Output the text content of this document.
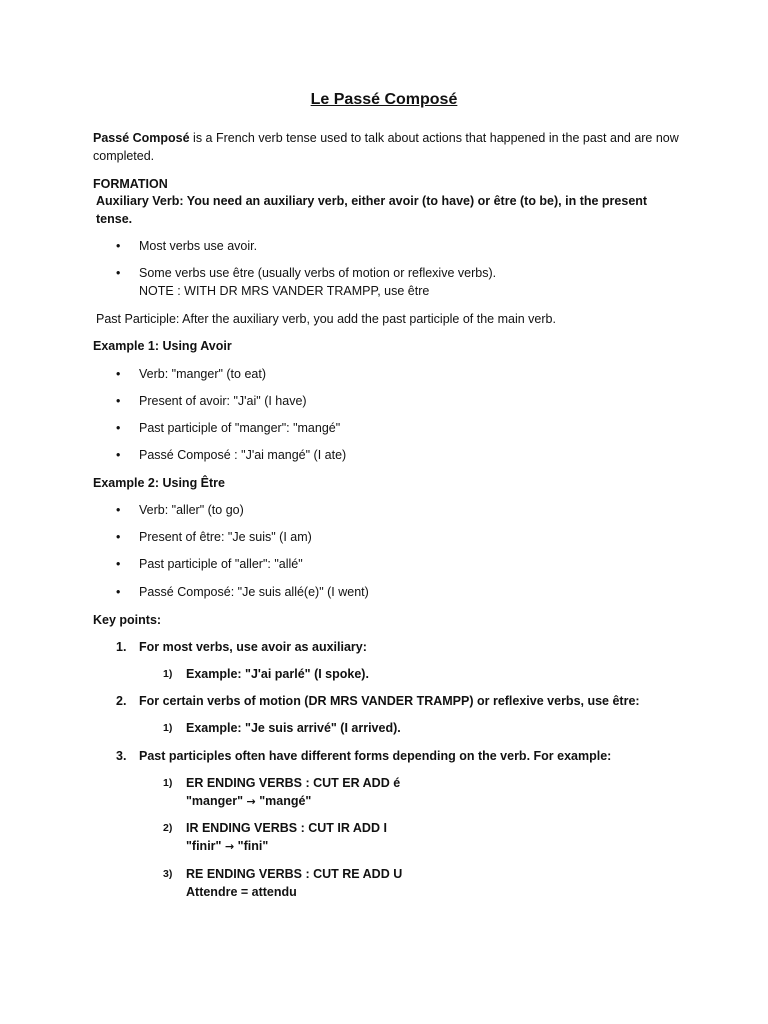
Le Passé Composé
Passé Composé is a French verb tense used to talk about actions that happened in the past and are now completed.
FORMATION
Auxiliary Verb: You need an auxiliary verb, either avoir (to have) or être (to be), in the present tense.
• Most verbs use avoir.
• Some verbs use être (usually verbs of motion or reflexive verbs).
NOTE : WITH DR MRS VANDER TRAMPP, use être
Past Participle: After the auxiliary verb, you add the past participle of the main verb.
Example 1: Using Avoir
• Verb: "manger" (to eat)
• Present of avoir: "J'ai" (I have)
• Past participle of "manger": "mangé"
• Passé Composé : "J'ai mangé" (I ate)
Example 2: Using Être
• Verb: "aller" (to go)
• Present of être: "Je suis" (I am)
• Past participle of "aller": "allé"
• Passé Composé: "Je suis allé(e)" (I went)
Key points:
1. For most verbs, use avoir as auxiliary:
1) Example: "J'ai parlé" (I spoke).
2. For certain verbs of motion (DR MRS VANDER TRAMPP) or reflexive verbs, use être:
1) Example: "Je suis arrivé" (I arrived).
3. Past participles often have different forms depending on the verb. For example:
1) ER ENDING VERBS : CUT ER ADD é
"manger" → "mangé"
2) IR ENDING VERBS : CUT IR ADD I
"finir" → "fini"
3) RE ENDING VERBS : CUT RE ADD U
Attendre = attendu
